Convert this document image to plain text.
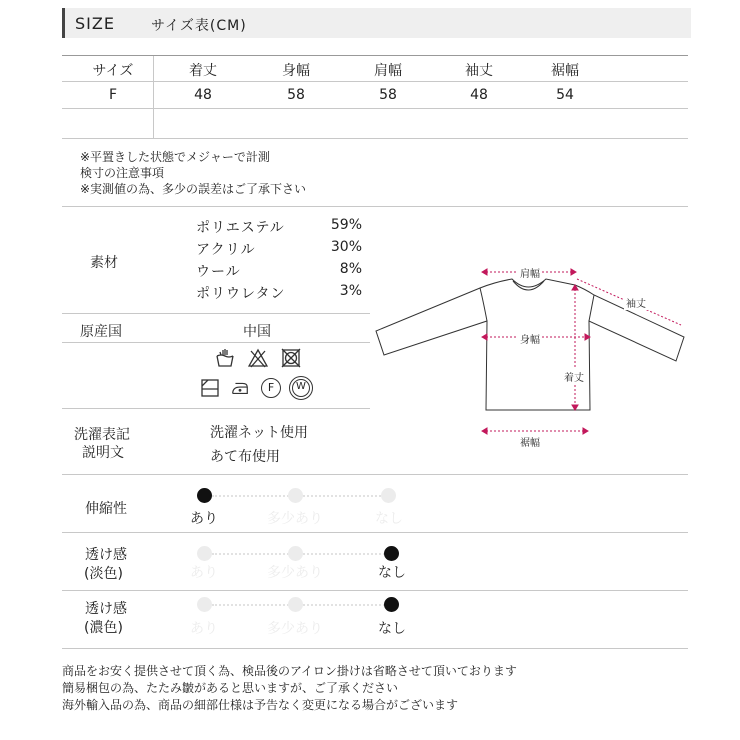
SIZE	サイズ表(CM)
サイズ	着丈	身幅	肩幅	袖丈	裾幅
F	48	58	58	48	54
※平置きした状態でメジャーで計測
検寸の注意事項
※実測値の為、多少の誤差はご了承下さい
素材
ポリエステル	59%
アクリル	30%
ウール	8%
ポリウレタン	3%
原産国	中国
F	W
洗濯表記
説明文
洗濯ネット使用
あて布使用
肩幅
袖丈
身幅
着丈
裾幅
伸縮性
あり	多少あり	なし
透け感
(淡色)	あり	多少あり	なし
透け感
(濃色)	あり	多少あり	なし
商品をお安く提供させて頂く為、検品後のアイロン掛けは省略させて頂いております
簡易梱包の為、たたみ皺があると思いますが、ご了承ください
海外輸入品の為、商品の細部仕様は予告なく変更になる場合がございます
